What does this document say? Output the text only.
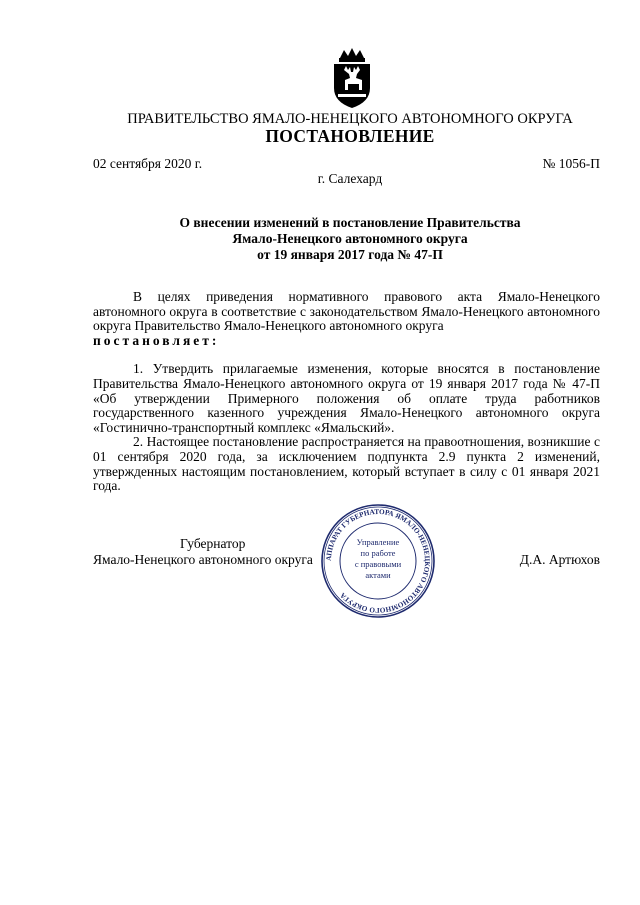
ПРАВИТЕЛЬСТВО ЯМАЛО-НЕНЕЦКОГО АВТОНОМНОГО ОКРУГА
ПОСТАНОВЛЕНИЕ
02 сентября 2020 г.	№ 1056-П
г. Салехард
О внесении изменений в постановление Правительства
Ямало-Ненецкого автономного округа
от 19 января 2017 года № 47-П

В целях приведения нормативного правового акта Ямало-Ненецкого автономного округа в соответствие с законодательством Ямало-Ненецкого автономного округа Правительство Ямало-Ненецкого автономного округа

постановляет:

1. Утвердить прилагаемые изменения, которые вносятся в постановление Правительства Ямало-Ненецкого автономного округа от 19 января 2017 года № 47-П «Об утверждении Примерного положения об оплате труда работников государственного казенного учреждения Ямало-Ненецкого автономного округа «Гостинично-транспортный комплекс «Ямальский».

2. Настоящее постановление распространяется на правоотношения, возникшие с 01 сентября 2020 года, за исключением подпункта 2.9 пункта 2 изменений, утвержденных настоящим постановлением, который вступает в силу с 01 января 2021 года.

Губернатор
Ямало-Ненецкого автономного округа	Д.А. Артюхов
АППАРАТ ГУБЕРНАТОРА ЯМАЛО-НЕНЕЦКОГО АВТОНОМНОГО ОКРУГА
Управление
по работе
с правовыми
актами
